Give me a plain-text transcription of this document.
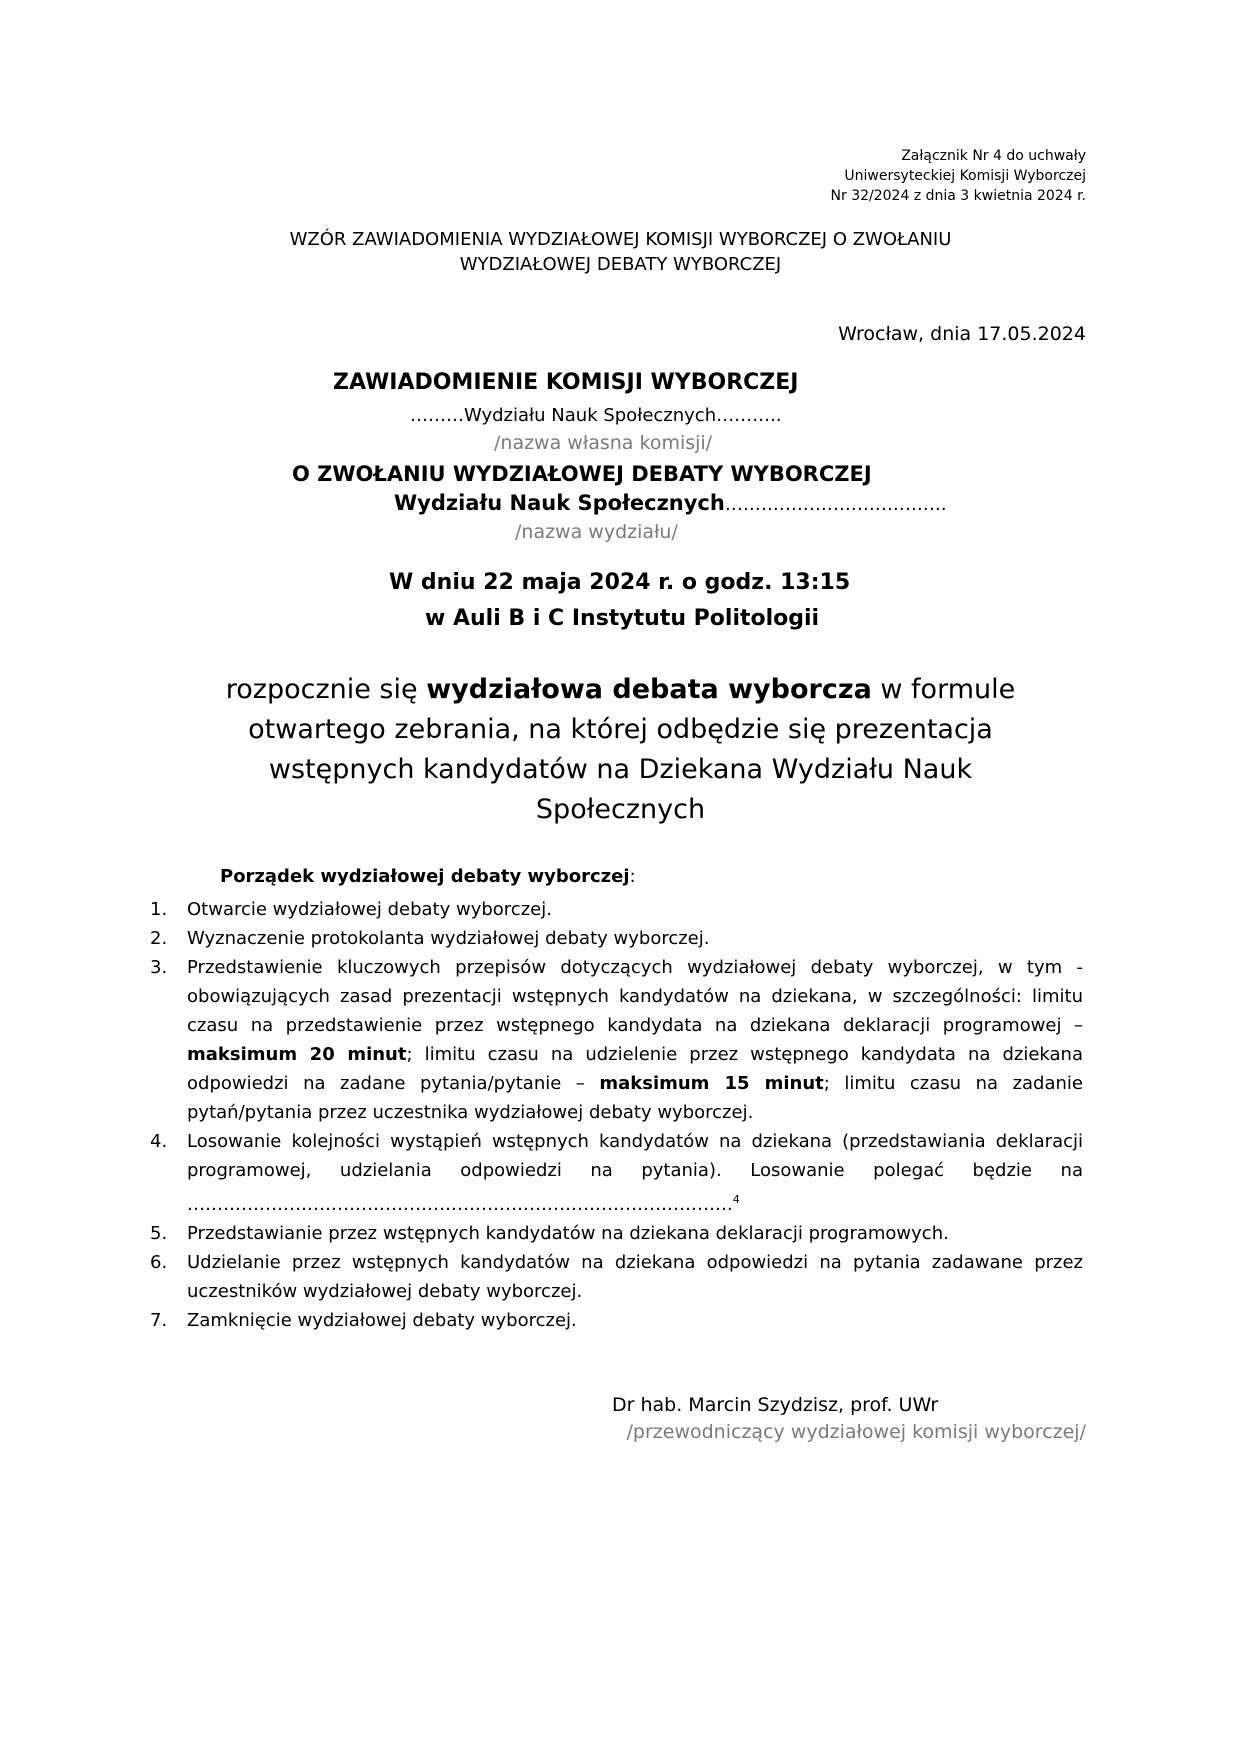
Załącznik Nr 4 do uchwały
Uniwersyteckiej Komisji Wyborczej
Nr 32/2024 z dnia 3 kwietnia 2024 r.
WZÓR ZAWIADOMIENIA WYDZIAŁOWEJ KOMISJI WYBORCZEJ O ZWOŁANIU
WYDZIAŁOWEJ DEBATY WYBORCZEJ
Wrocław, dnia 17.05.2024
ZAWIADOMIENIE KOMISJI WYBORCZEJ
………Wydziału Nauk Społecznych………..
/nazwa własna komisji/
O ZWOŁANIU WYDZIAŁOWEJ DEBATY WYBORCZEJ
Wydziału Nauk Społecznych……………………………….
/nazwa wydziału/
W dniu 22 maja 2024 r. o godz. 13:15
w Auli B i C Instytutu Politologii
rozpocznie się wydziałowa debata wyborcza w formule
otwartego zebrania, na której odbędzie się prezentacja
wstępnych kandydatów na Dziekana Wydziału Nauk
Społecznych
Porządek wydziałowej debaty wyborczej:
1.	Otwarcie wydziałowej debaty wyborczej.
2.	Wyznaczenie protokolanta wydziałowej debaty wyborczej.
3.	Przedstawienie kluczowych przepisów dotyczących wydziałowej debaty wyborczej, w tym - obowiązujących zasad prezentacji wstępnych kandydatów na dziekana, w szczególności: limitu czasu na przedstawienie przez wstępnego kandydata na dziekana deklaracji programowej – maksimum 20 minut; limitu czasu na udzielenie przez wstępnego kandydata na dziekana odpowiedzi na zadane pytania/pytanie – maksimum 15 minut; limitu czasu na zadanie pytań/pytania przez uczestnika wydziałowej debaty wyborczej.
4.	Losowanie kolejności wystąpień wstępnych kandydatów na dziekana (przedstawiania deklaracji programowej, udzielania odpowiedzi na pytania). Losowanie polegać będzie na ……………………………………………………………………………….$^4$
5.	Przedstawianie przez wstępnych kandydatów na dziekana deklaracji programowych.
6.	Udzielanie przez wstępnych kandydatów na dziekana odpowiedzi na pytania zadawane przez uczestników wydziałowej debaty wyborczej.
7.	Zamknięcie wydziałowej debaty wyborczej.
Dr hab. Marcin Szydzisz, prof. UWr
/przewodniczący wydziałowej komisji wyborczej/
